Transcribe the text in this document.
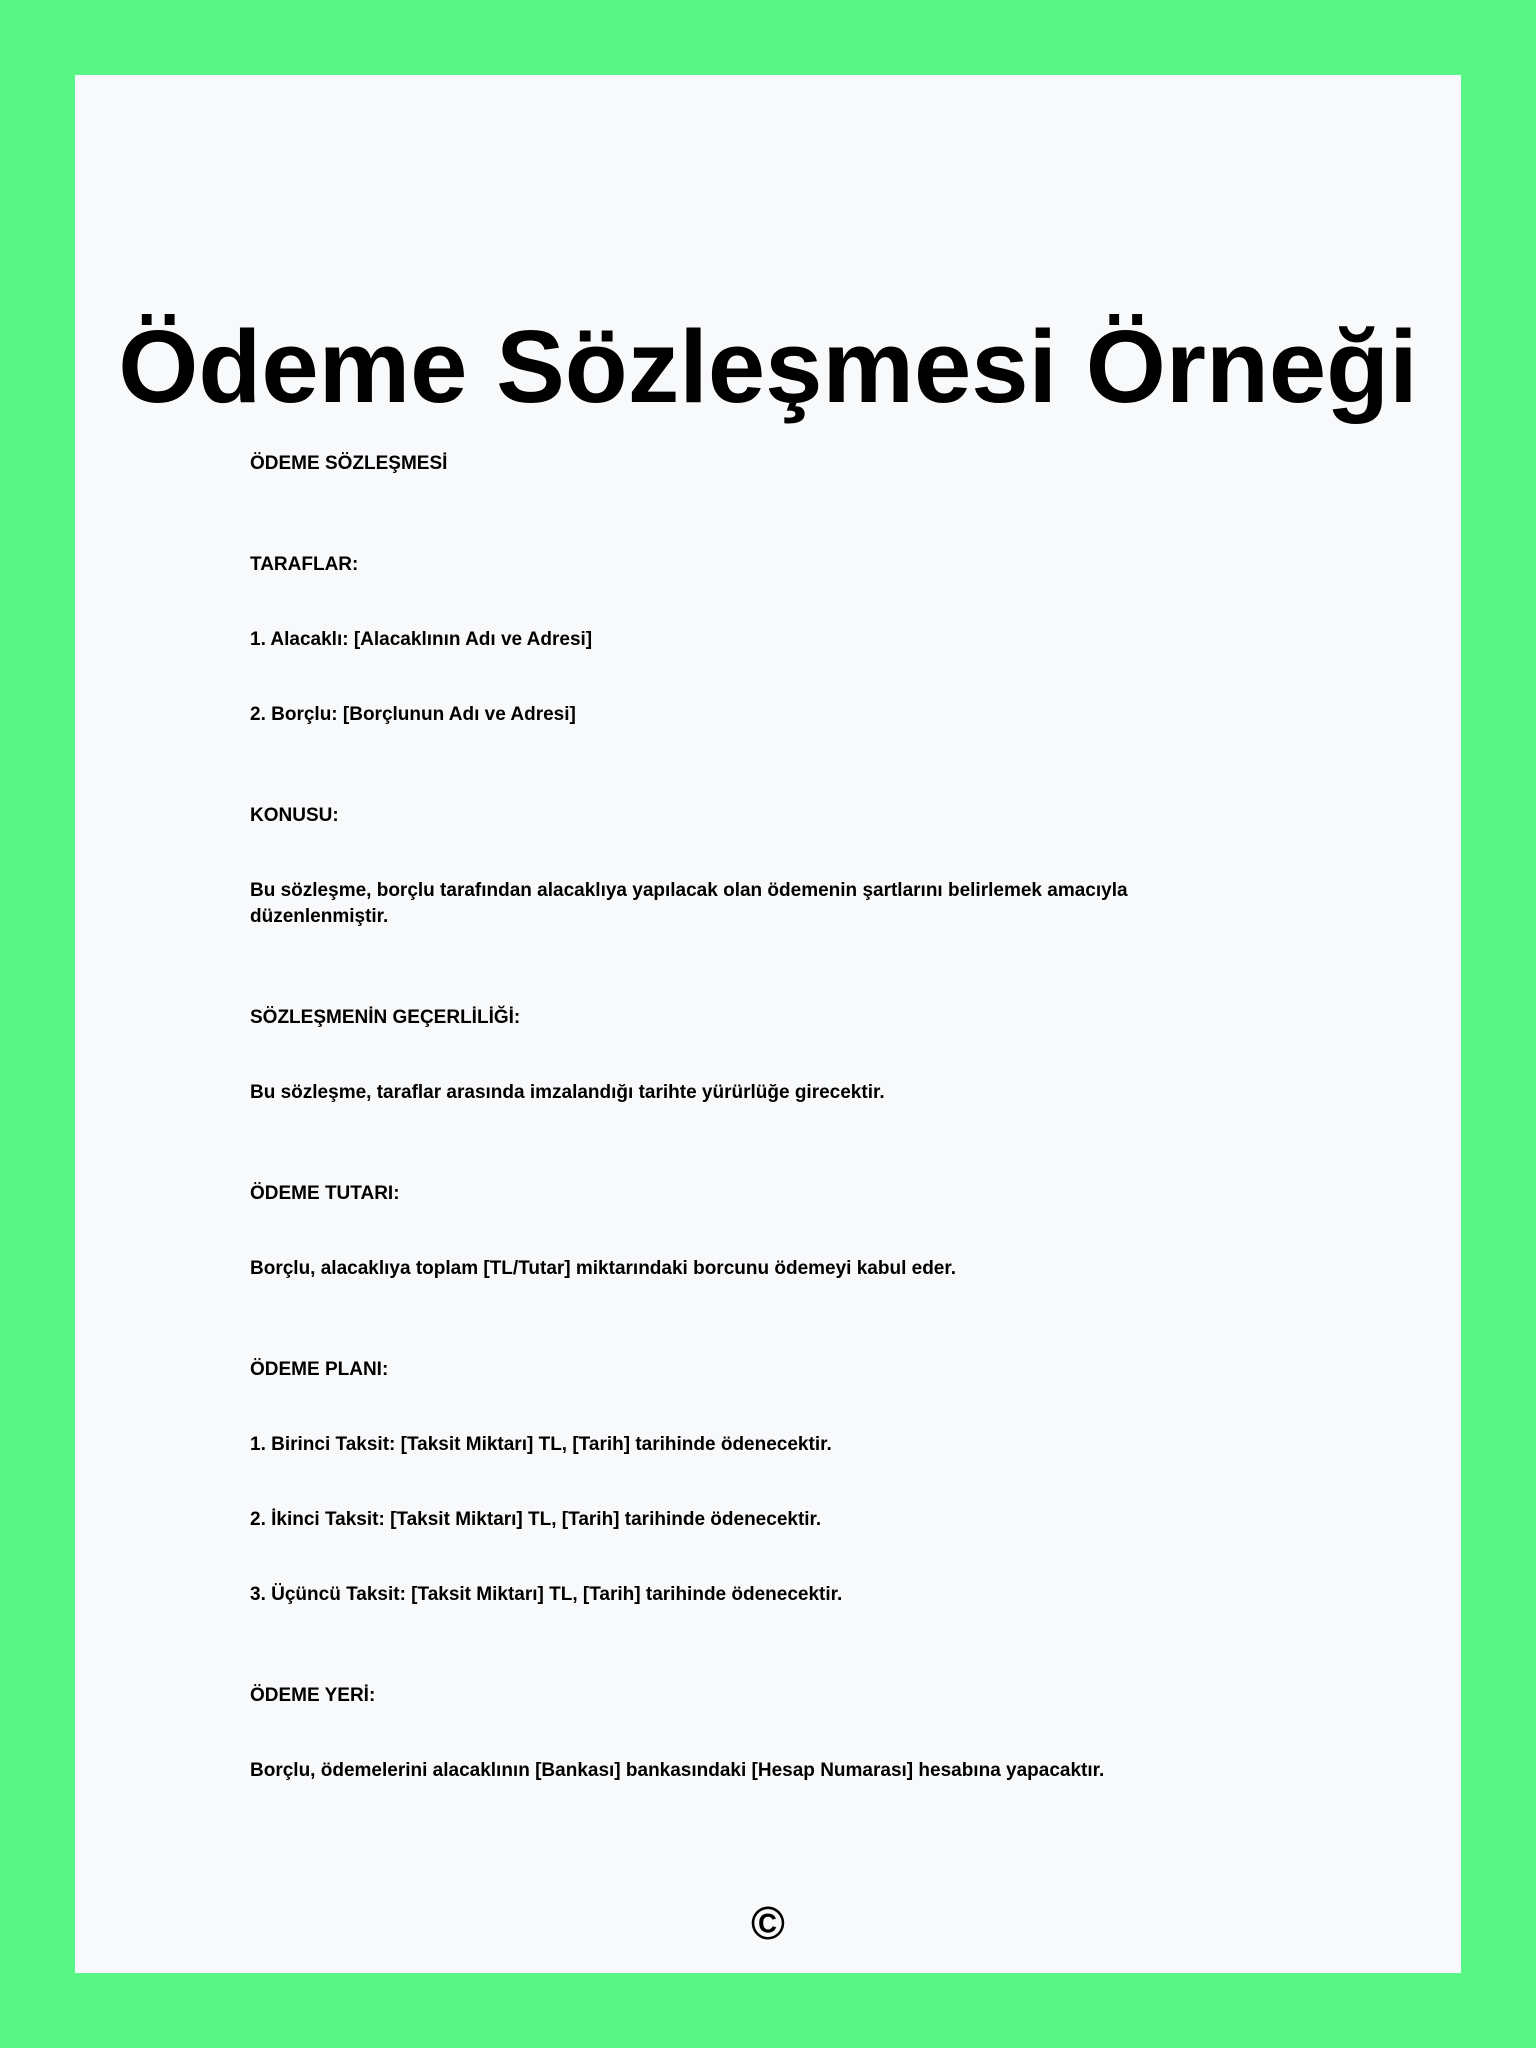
Ödeme Sözleşmesi Örneği

ÖDEME SÖZLEŞMESİ

TARAFLAR:

1. Alacaklı: [Alacaklının Adı ve Adresi]

2. Borçlu: [Borçlunun Adı ve Adresi]

KONUSU:

Bu sözleşme, borçlu tarafından alacaklıya yapılacak olan ödemenin şartlarını belirlemek amacıyla düzenlenmiştir.

SÖZLEŞMENİN GEÇERLİLİĞİ:

Bu sözleşme, taraflar arasında imzalandığı tarihte yürürlüğe girecektir.

ÖDEME TUTARI:

Borçlu, alacaklıya toplam [TL/Tutar] miktarındaki borcunu ödemeyi kabul eder.

ÖDEME PLANI:

1. Birinci Taksit: [Taksit Miktarı] TL, [Tarih] tarihinde ödenecektir.

2. İkinci Taksit: [Taksit Miktarı] TL, [Tarih] tarihinde ödenecektir.

3. Üçüncü Taksit: [Taksit Miktarı] TL, [Tarih] tarihinde ödenecektir.

ÖDEME YERİ:

Borçlu, ödemelerini alacaklının [Bankası] bankasındaki [Hesap Numarası] hesabına yapacaktır.

©
